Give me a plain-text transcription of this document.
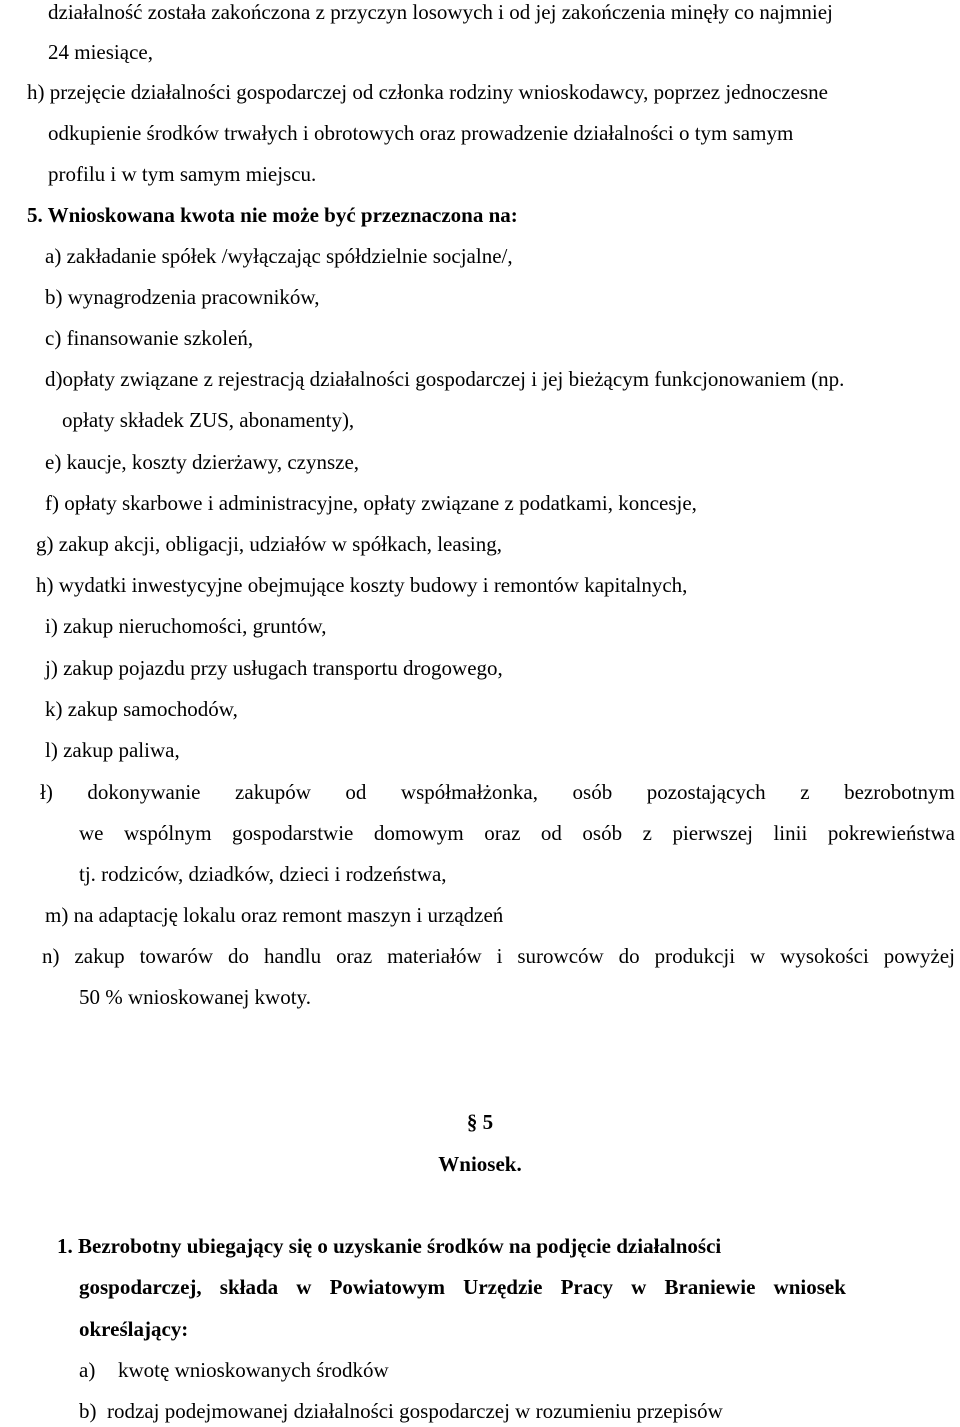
działalność została zakończona z przyczyn losowych i od jej zakończenia minęły co najmniej
24 miesiące,
h) przejęcie działalności gospodarczej od członka rodziny wnioskodawcy, poprzez jednoczesne
odkupienie środków trwałych i obrotowych oraz prowadzenie działalności o tym samym
profilu i w tym samym miejscu.
5. Wnioskowana kwota nie może być przeznaczona na:
a) zakładanie spółek /wyłączając spółdzielnie socjalne/,
b) wynagrodzenia pracowników,
c) finansowanie szkoleń,
d)opłaty związane z rejestracją działalności gospodarczej i jej bieżącym funkcjonowaniem (np.
opłaty składek ZUS, abonamenty),
e) kaucje, koszty dzierżawy, czynsze,
f) opłaty skarbowe i administracyjne, opłaty związane z podatkami, koncesje,
g) zakup akcji, obligacji, udziałów w spółkach, leasing,
h) wydatki inwestycyjne obejmujące koszty budowy i remontów kapitalnych,
i) zakup nieruchomości, gruntów,
j) zakup pojazdu przy usługach transportu drogowego,
k) zakup samochodów,
l) zakup paliwa,
ł) dokonywanie zakupów od współmałżonka, osób pozostających z bezrobotnym
we wspólnym gospodarstwie domowym oraz od osób z pierwszej linii pokrewieństwa
tj. rodziców, dziadków, dzieci i rodzeństwa,
m) na adaptację lokalu oraz remont maszyn i urządzeń
n) zakup towarów do handlu oraz materiałów i surowców do produkcji w wysokości powyżej
50 % wnioskowanej kwoty.
§ 5
Wniosek.
1. Bezrobotny ubiegający się o uzyskanie środków na podjęcie działalności
gospodarczej, składa w Powiatowym Urzędzie Pracy w Braniewie wniosek
określający:
a) kwotę wnioskowanych środków
b) rodzaj podejmowanej działalności gospodarczej w rozumieniu przepisów
